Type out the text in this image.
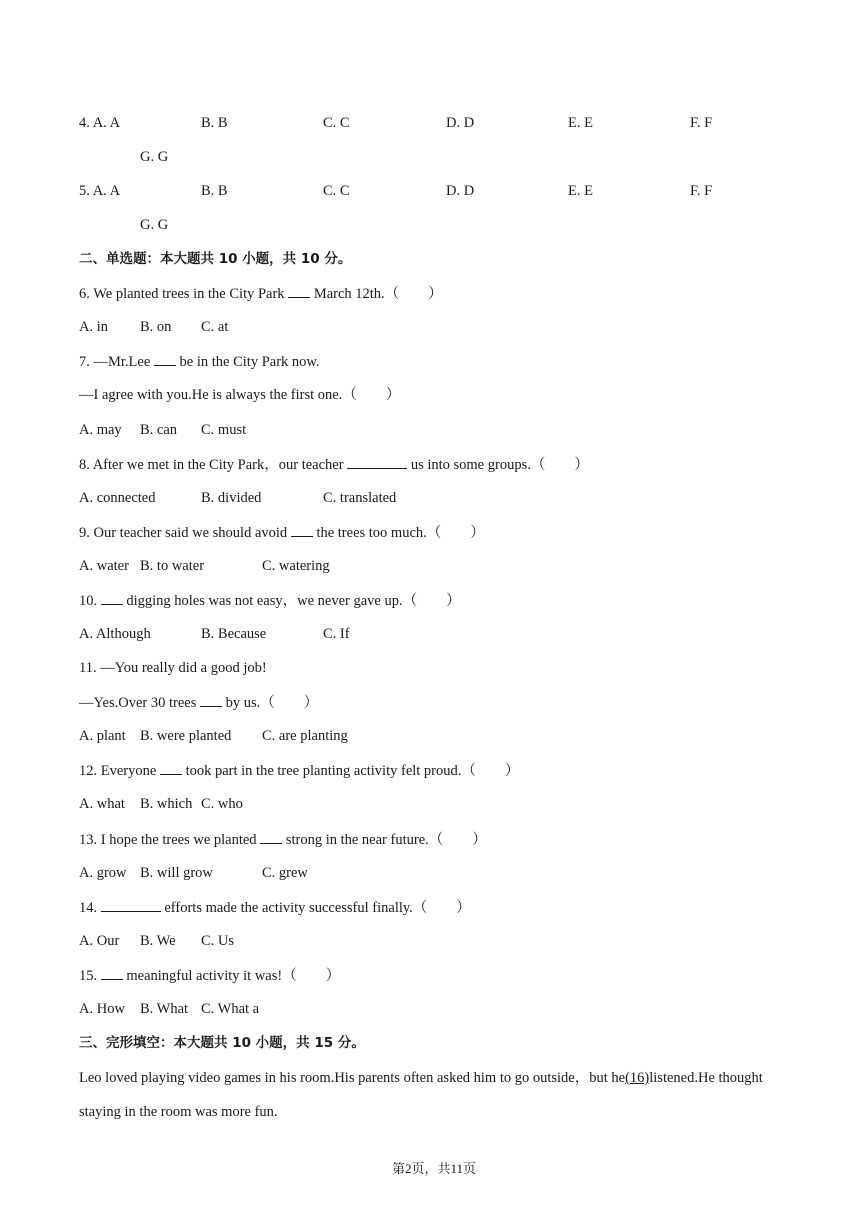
4. A. A	B. B	C. C	D. D	E. E	F. F
G. G
5. A. A	B. B	C. C	D. D	E. E	F. F
G. G
二、单选题：本大题共 10 小题，共 10 分。
6. We planted trees in the City Park March 12th.（　　）
A. in B. on C. at
7. —Mr.Lee be in the City Park now.
—I agree with you.He is always the first one.（　　）
A. may B. can C. must
8. After we met in the City Park，our teacher	us into some groups.（　　）
A. connected	B. divided	C. translated
9. Our teacher said we should avoid the trees too much.（　　）
A. water B. to water	C. watering
10. digging holes was not easy，we never gave up.（　　）
A. Although	B. Because	C. If
11. —You really did a good job!
—Yes.Over 30 trees by us.（　　）
A. plant B. were planted C. are planting
12. Everyone took part in the tree planting activity felt proud.（　　）
A. what B. which C. who
13. I hope the trees we planted strong in the near future.（　　）
A. grow B. will grow	C. grew
14.	efforts made the activity successful finally.（　　）
A. Our B. We C. Us
15. meaningful activity it was!（　　）
A. How B. What C. What a
三、完形填空：本大题共 10 小题，共 15 分。
Leo loved playing video games in his room.His parents often asked him to go outside，but he(16)listened.He thought
staying in the room was more fun.
第2页，共11页
